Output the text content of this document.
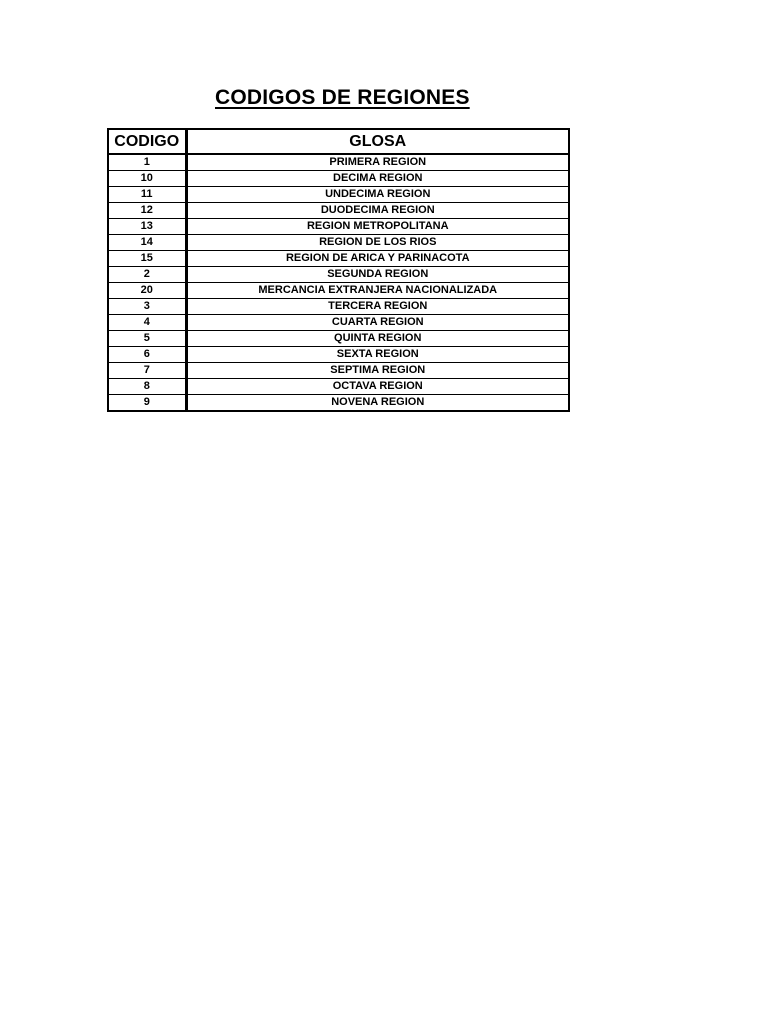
CODIGOS DE REGIONES
CODIGO	GLOSA
1	PRIMERA REGION
10	DECIMA REGION
11	UNDECIMA REGION
12	DUODECIMA REGION
13	REGION METROPOLITANA
14	REGION DE LOS RIOS
15	REGION DE ARICA Y PARINACOTA
2	SEGUNDA REGION
20	MERCANCIA EXTRANJERA NACIONALIZADA
3	TERCERA REGION
4	CUARTA REGION
5	QUINTA REGION
6	SEXTA REGION
7	SEPTIMA REGION
8	OCTAVA REGION
9	NOVENA REGION
